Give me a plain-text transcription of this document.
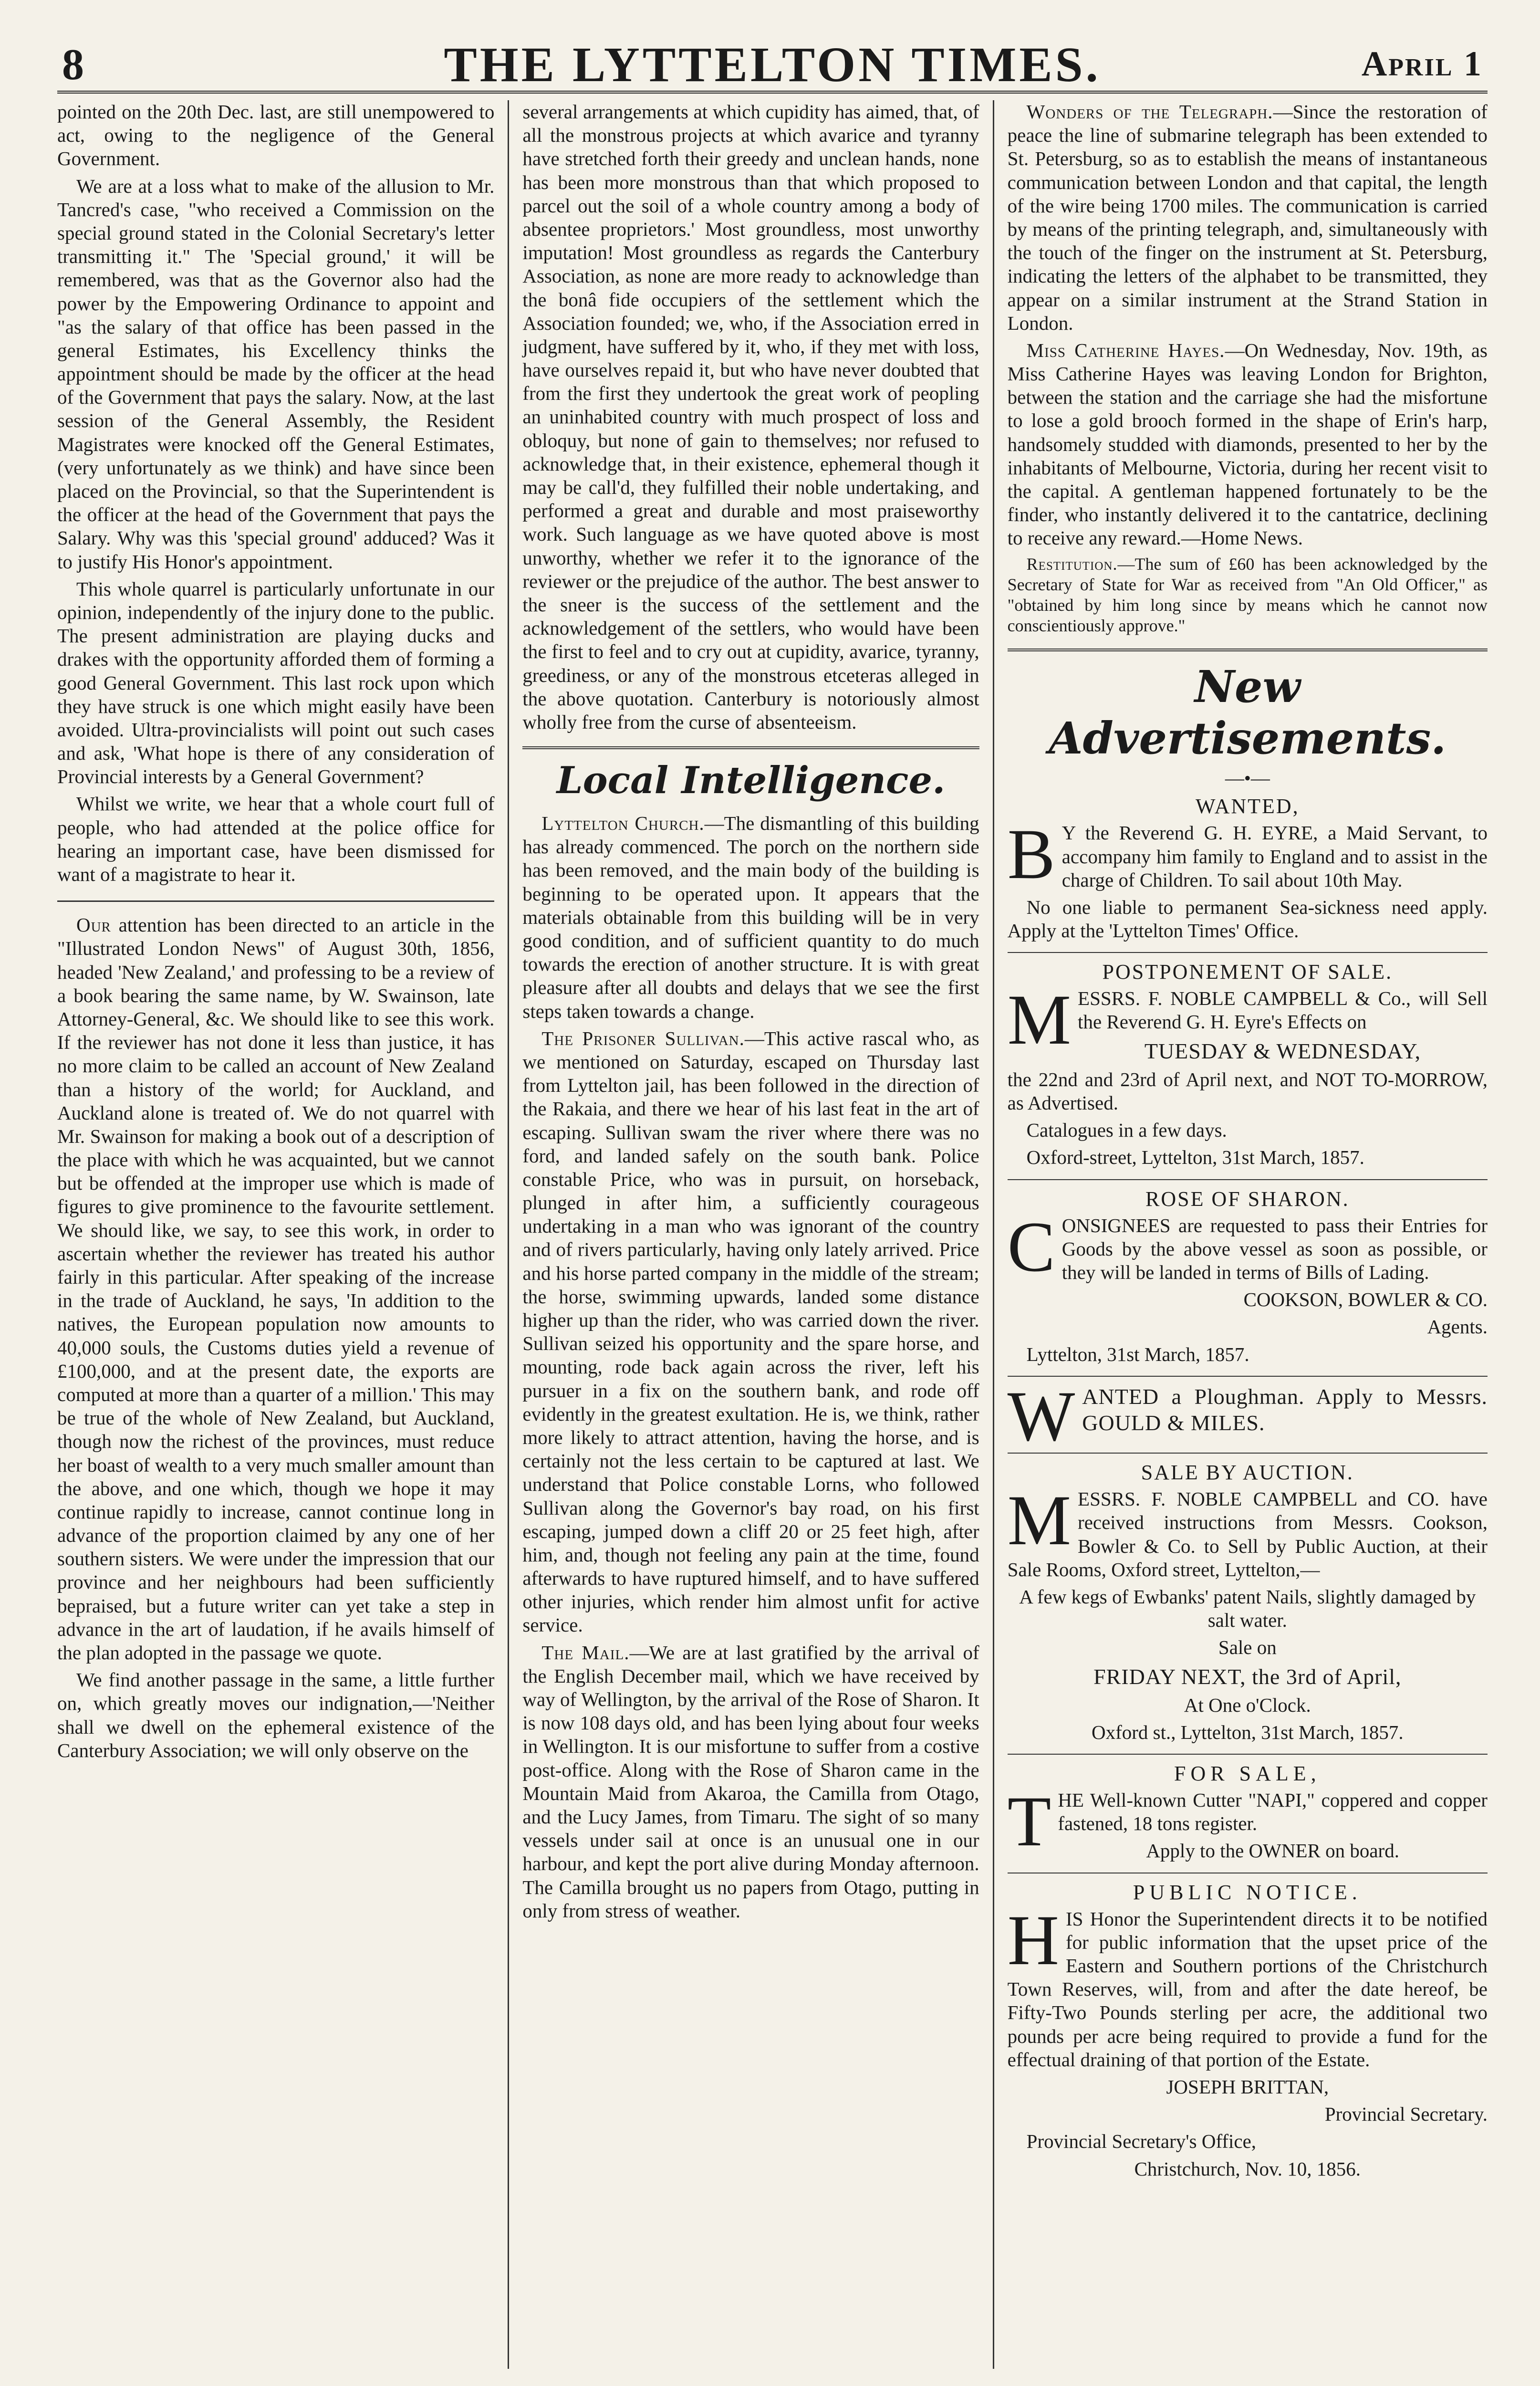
8	THE LYTTELTON TIMES.	April 1

pointed on the 20th Dec. last, are still unempowered to act, owing to the negligence of the General Government.

We are at a loss what to make of the allusion to Mr. Tancred's case, "who received a Commission on the special ground stated in the Colonial Secretary's letter transmitting it." The 'Special ground,' it will be remembered, was that as the Governor also had the power by the Empowering Ordinance to appoint and "as the salary of that office has been passed in the general Estimates, his Excellency thinks the appointment should be made by the officer at the head of the Government that pays the salary. Now, at the last session of the General Assembly, the Resident Magistrates were knocked off the General Estimates, (very unfortunately as we think) and have since been placed on the Provincial, so that the Superintendent is the officer at the head of the Government that pays the Salary. Why was this 'special ground' adduced? Was it to justify His Honor's appointment.

This whole quarrel is particularly unfortunate in our opinion, independently of the injury done to the public. The present administration are playing ducks and drakes with the opportunity afforded them of forming a good General Government. This last rock upon which they have struck is one which might easily have been avoided. Ultra-provincialists will point out such cases and ask, 'What hope is there of any consideration of Provincial interests by a General Government?

Whilst we write, we hear that a whole court full of people, who had attended at the police office for hearing an important case, have been dismissed for want of a magistrate to hear it.

Our attention has been directed to an article in the "Illustrated London News" of August 30th, 1856, headed 'New Zealand,' and professing to be a review of a book bearing the same name, by W. Swainson, late Attorney-General, &c. We should like to see this work. If the reviewer has not done it less than justice, it has no more claim to be called an account of New Zealand than a history of the world; for Auckland, and Auckland alone is treated of. We do not quarrel with Mr. Swainson for making a book out of a description of the place with which he was acquainted, but we cannot but be offended at the improper use which is made of figures to give prominence to the favourite settlement. We should like, we say, to see this work, in order to ascertain whether the reviewer has treated his author fairly in this particular. After speaking of the increase in the trade of Auckland, he says, 'In addition to the natives, the European population now amounts to 40,000 souls, the Customs duties yield a revenue of £100,000, and at the present date, the exports are computed at more than a quarter of a million.' This may be true of the whole of New Zealand, but Auckland, though now the richest of the provinces, must reduce her boast of wealth to a very much smaller amount than the above, and one which, though we hope it may continue rapidly to increase, cannot continue long in advance of the proportion claimed by any one of her southern sisters. We were under the impression that our province and her neighbours had been sufficiently bepraised, but a future writer can yet take a step in advance in the art of laudation, if he avails himself of the plan adopted in the passage we quote.

We find another passage in the same, a little further on, which greatly moves our indignation,—'Neither shall we dwell on the ephemeral existence of the Canterbury Association; we will only observe on the

several arrangements at which cupidity has aimed, that, of all the monstrous projects at which avarice and tyranny have stretched forth their greedy and unclean hands, none has been more monstrous than that which proposed to parcel out the soil of a whole country among a body of absentee proprietors.' Most groundless, most unworthy imputation! Most groundless as regards the Canterbury Association, as none are more ready to acknowledge than the bonâ fide occupiers of the settlement which the Association founded; we, who, if the Association erred in judgment, have suffered by it, who, if they met with loss, have ourselves repaid it, but who have never doubted that from the first they undertook the great work of peopling an uninhabited country with much prospect of loss and obloquy, but none of gain to themselves; nor refused to acknowledge that, in their existence, ephemeral though it may be call'd, they fulfilled their noble undertaking, and performed a great and durable and most praiseworthy work. Such language as we have quoted above is most unworthy, whether we refer it to the ignorance of the reviewer or the prejudice of the author. The best answer to the sneer is the success of the settlement and the acknowledgement of the settlers, who would have been the first to feel and to cry out at cupidity, avarice, tyranny, greediness, or any of the monstrous etceteras alleged in the above quotation. Canterbury is notoriously almost wholly free from the curse of absenteeism.

Local Intelligence.

Lyttelton Church.—The dismantling of this building has already commenced. The porch on the northern side has been removed, and the main body of the building is beginning to be operated upon. It appears that the materials obtainable from this building will be in very good condition, and of sufficient quantity to do much towards the erection of another structure. It is with great pleasure after all doubts and delays that we see the first steps taken towards a change.

The Prisoner Sullivan.—This active rascal who, as we mentioned on Saturday, escaped on Thursday last from Lyttelton jail, has been followed in the direction of the Rakaia, and there we hear of his last feat in the art of escaping. Sullivan swam the river where there was no ford, and landed safely on the south bank. Police constable Price, who was in pursuit, on horseback, plunged in after him, a sufficiently courageous undertaking in a man who was ignorant of the country and of rivers particularly, having only lately arrived. Price and his horse parted company in the middle of the stream; the horse, swimming upwards, landed some distance higher up than the rider, who was carried down the river. Sullivan seized his opportunity and the spare horse, and mounting, rode back again across the river, left his pursuer in a fix on the southern bank, and rode off evidently in the greatest exultation. He is, we think, rather more likely to attract attention, having the horse, and is certainly not the less certain to be captured at last. We understand that Police constable Lorns, who followed Sullivan along the Governor's bay road, on his first escaping, jumped down a cliff 20 or 25 feet high, after him, and, though not feeling any pain at the time, found afterwards to have ruptured himself, and to have suffered other injuries, which render him almost unfit for active service.

The Mail.—We are at last gratified by the arrival of the English December mail, which we have received by way of Wellington, by the arrival of the Rose of Sharon. It is now 108 days old, and has been lying about four weeks in Wellington. It is our misfortune to suffer from a costive post-office. Along with the Rose of Sharon came in the Mountain Maid from Akaroa, the Camilla from Otago, and the Lucy James, from Timaru. The sight of so many vessels under sail at once is an unusual one in our harbour, and kept the port alive during Monday afternoon. The Camilla brought us no papers from Otago, putting in only from stress of weather.

Wonders of the Telegraph.—Since the restoration of peace the line of submarine telegraph has been extended to St. Petersburg, so as to establish the means of instantaneous communication between London and that capital, the length of the wire being 1700 miles. The communication is carried by means of the printing telegraph, and, simultaneously with the touch of the finger on the instrument at St. Petersburg, indicating the letters of the alphabet to be transmitted, they appear on a similar instrument at the Strand Station in London.

Miss Catherine Hayes.—On Wednesday, Nov. 19th, as Miss Catherine Hayes was leaving London for Brighton, between the station and the carriage she had the misfortune to lose a gold brooch formed in the shape of Erin's harp, handsomely studded with diamonds, presented to her by the inhabitants of Melbourne, Victoria, during her recent visit to the capital. A gentleman happened fortunately to be the finder, who instantly delivered it to the cantatrice, declining to receive any reward.—Home News.

Restitution.—The sum of £60 has been acknowledged by the Secretary of State for War as received from "An Old Officer," as "obtained by him long since by means which he cannot now conscientiously approve."

New Advertisements.
—•—
WANTED,

B Y the Reverend G. H. EYRE, a Maid Servant, to accompany him family to England and to assist in the charge of Children. To sail about 10th May.

No one liable to permanent Sea-sickness need apply. Apply at the 'Lyttelton Times' Office.

POSTPONEMENT OF SALE.

MESSRS. F. NOBLE CAMPBELL & Co., will Sell the Reverend G. H. Eyre's Effects on

TUESDAY & WEDNESDAY,

the 22nd and 23rd of April next, and NOT TO-MORROW, as Advertised.

Catalogues in a few days.

Oxford-street, Lyttelton, 31st March, 1857.

ROSE OF SHARON.

CONSIGNEES are requested to pass their Entries for Goods by the above vessel as soon as possible, or they will be landed in terms of Bills of Lading.

COOKSON, BOWLER & CO.

Agents.

Lyttelton, 31st March, 1857.

WANTED a Ploughman. Apply to Messrs. GOULD & MILES.

SALE BY AUCTION.

MESSRS. F. NOBLE CAMPBELL and CO. have received instructions from Messrs. Cookson, Bowler & Co. to Sell by Public Auction, at their Sale Rooms, Oxford street, Lyttelton,—

A few kegs of Ewbanks' patent Nails, slightly damaged by salt water.

Sale on

FRIDAY NEXT, the 3rd of April,

At One o'Clock.

Oxford st., Lyttelton, 31st March, 1857.

FOR SALE,

THE Well-known Cutter "NAPI," coppered and copper fastened, 18 tons register.

Apply to the OWNER on board.

PUBLIC NOTICE.

HIS Honor the Superintendent directs it to be notified for public information that the upset price of the Eastern and Southern portions of the Christchurch Town Reserves, will, from and after the date hereof, be Fifty-Two Pounds sterling per acre, the additional two pounds per acre being required to provide a fund for the effectual draining of that portion of the Estate.

JOSEPH BRITTAN,

Provincial Secretary.

Provincial Secretary's Office,

Christchurch, Nov. 10, 1856.
